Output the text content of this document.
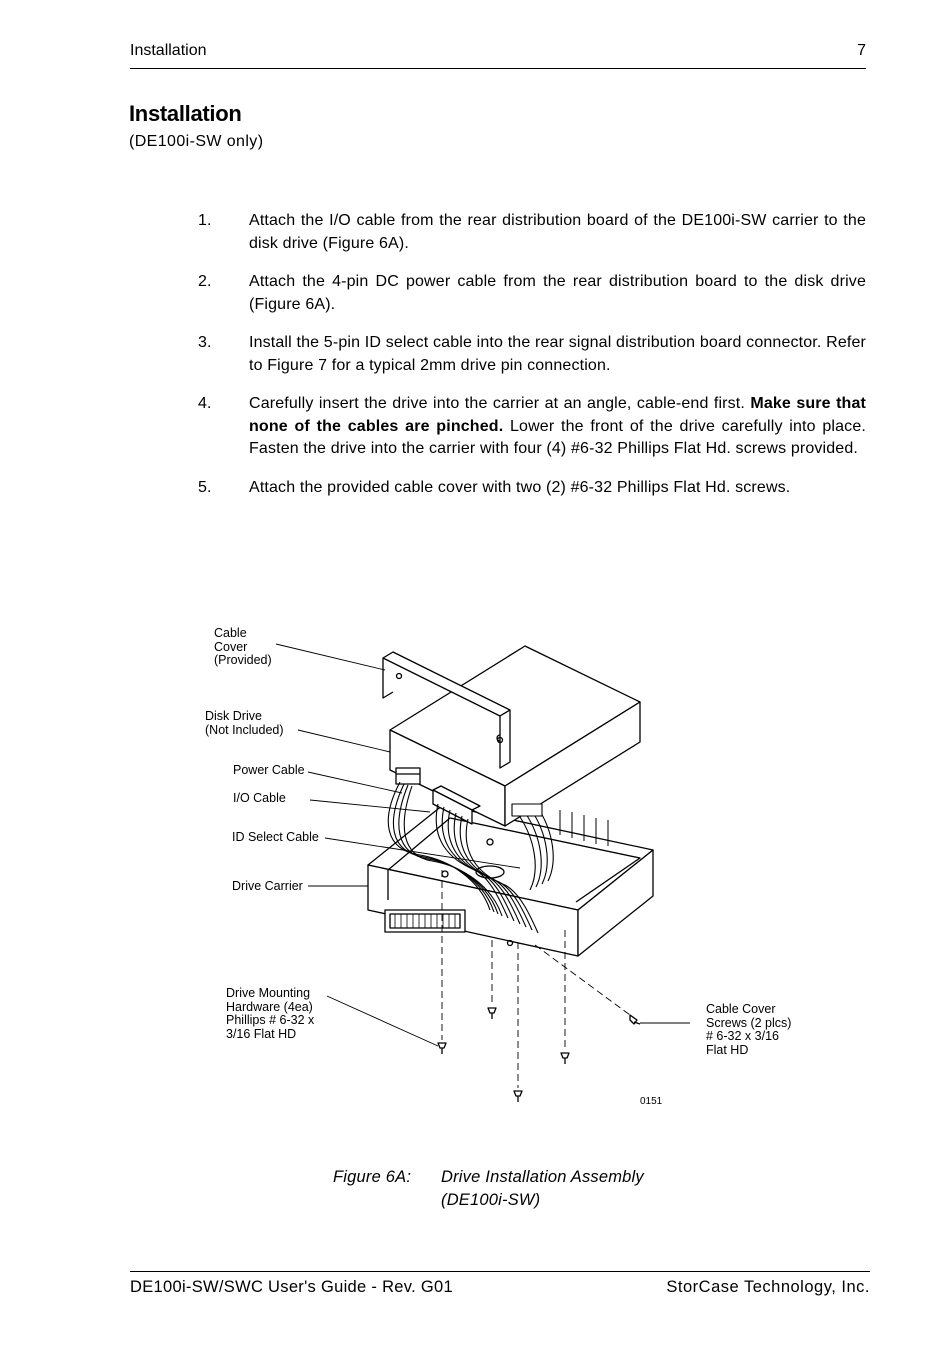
Installation	7
Installation
(DE100i-SW only)
1. Attach the I/O cable from the rear distribution board of the DE100i-SW carrier to the disk drive (Figure 6A).
2. Attach the 4-pin DC power cable from the rear distribution board to the disk drive (Figure 6A).
3. Install the 5-pin ID select cable into the rear signal distribution board connector. Refer to Figure 7 for a typical 2mm drive pin connection.
4. Carefully insert the drive into the carrier at an angle, cable-end first. Make sure that none of the cables are pinched. Lower the front of the drive carefully into place. Fasten the drive into the carrier with four (4) #6-32 Phillips Flat Hd. screws provided.
5. Attach the provided cable cover with two (2) #6-32 Phillips Flat Hd. screws.
Cable
Cover
(Provided)
Disk Drive
(Not Included)
Power Cable
I/O Cable
ID Select Cable
Drive Carrier
Drive Mounting
Hardware (4ea)
Phillips # 6-32 x
3/16 Flat HD
Cable Cover
Screws (2 plcs)
# 6-32 x 3/16
Flat HD
0151
Figure 6A: Drive Installation Assembly
(DE100i-SW)
DE100i-SW/SWC User's Guide - Rev. G01	StorCase Technology, Inc.
